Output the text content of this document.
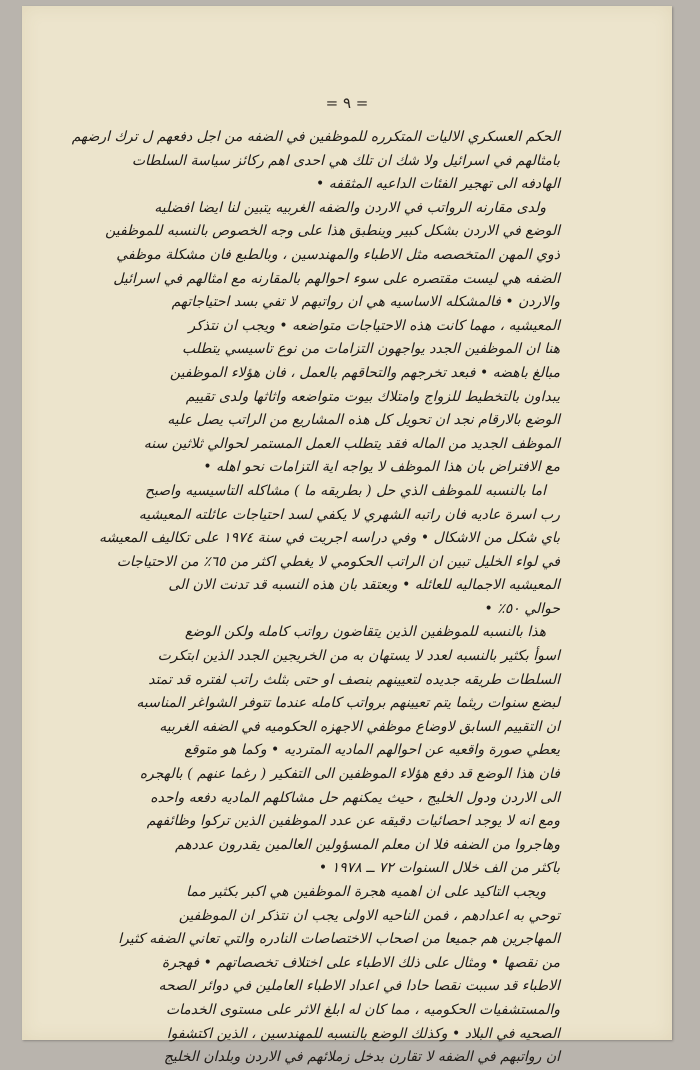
= ٩ =
الحكم العسكري الاليات المتكرره للموظفين في الضفه من اجل دفعهم ل ترك ارضهم
بامثالهم في اسرائيل ولا شك ان تلك هي احدى اهم ركائز سياسة السلطات
الهادفه الى تهجير الفئات الداعيه المثقفه •
ولدى مقارنه الرواتب في الاردن والضفه الغربيه يتبين لنا ايضا افضليه
الوضع في الاردن بشكل كبير وينطبق هذا على وجه الخصوص بالنسبه للموظفين
ذوي المهن المتخصصه مثل الاطباء والمهندسين ، وبالطبع فان مشكلة موظفي
الضفه هي ليست مقتصره على سوء احوالهم بالمقارنه مع امثالهم في اسرائيل
والاردن • فالمشكله الاساسيه هي ان رواتبهم لا تفي بسد احتياجاتهم
المعيشيه ، مهما كانت هذه الاحتياجات متواضعه • ويجب ان نتذكر
هنا ان الموظفين الجدد يواجهون التزامات من نوع تاسيسي يتطلب
مبالغ باهضه • فبعد تخرجهم والتحاقهم بالعمل ، فان هؤلاء الموظفين
يبداون بالتخطيط للزواج وامتلاك بيوت متواضعه واثاثها ولدى تقييم
الوضع بالارقام نجد ان تحويل كل هذه المشاريع من الراتب يصل عليه
الموظف الجديد من الماله فقد يتطلب العمل المستمر لحوالي ثلاثين سنه
مع الافتراض بان هذا الموظف لا يواجه اية التزامات نحو اهله •
اما بالنسبه للموظف الذي حل ( بطريقه ما ) مشاكله التاسيسيه واصبح
رب اسرة عاديه فان راتبه الشهري لا يكفي لسد احتياجات عائلته المعيشيه
باي شكل من الاشكال • وفي دراسه اجريت في سنة ١٩٧٤ على تكاليف المعيشه
في لواء الخليل تبين ان الراتب الحكومي لا يغطي اكثر من ٦٥٪ من الاحتياجات
المعيشيه الاجماليه للعائله • ويعتقد بان هذه النسبه قد تدنت الان الى
حوالي ٥٠٪ •
هذا بالنسبه للموظفين الذين يتقاضون رواتب كامله ولكن الوضع
اسوأ بكثير بالنسبه لعدد لا يستهان به من الخريجين الجدد الذين ابتكرت
السلطات طريقه جديده لتعيينهم بنصف او حتى بثلث راتب لفتره قد تمتد
لبضع سنوات ريثما يتم تعيينهم برواتب كامله عندما تتوفر الشواغر المناسبه
ان التقييم السابق لاوضاع موظفي الاجهزه الحكوميه في الضفه الغربيه
يعطي صورة واقعيه عن احوالهم الماديه المترديه • وكما هو متوقع
فان هذا الوضع قد دفع هؤلاء الموظفين الى التفكير ( رغما عنهم ) بالهجره
الى الاردن ودول الخليج ، حيث يمكنهم حل مشاكلهم الماديه دفعه واحده
ومع انه لا يوجد احصائيات دقيقه عن عدد الموظفين الذين تركوا وظائفهم
وهاجروا من الضفه فلا ان معلم المسؤولين العالمين يقدرون عددهم
باكثر من الف خلال السنوات ٧٢ ــ ١٩٧٨ •
ويجب التاكيد على ان اهميه هجرة الموظفين هي اكبر بكثير مما
توحي به اعدادهم ، فمن الناحيه الاولى يجب ان نتذكر ان الموظفين
المهاجرين هم جميعا من اصحاب الاختصاصات النادره والتي تعاني الضفه كثيرا
من نقصها • ومثال على ذلك الاطباء على اختلاف تخصصاتهم • فهجرة
الاطباء قد سببت نقصا حادا في اعداد الاطباء العاملين في دوائر الصحه
والمستشفيات الحكوميه ، مما كان له ابلغ الاثر على مستوى الخدمات
الصحيه في البلاد • وكذلك الوضع بالنسبه للمهندسين ، الذين اكتشفوا
ان رواتبهم في الضفه لا تقارن بدخل زملائهم في الاردن وبلدان الخليج
